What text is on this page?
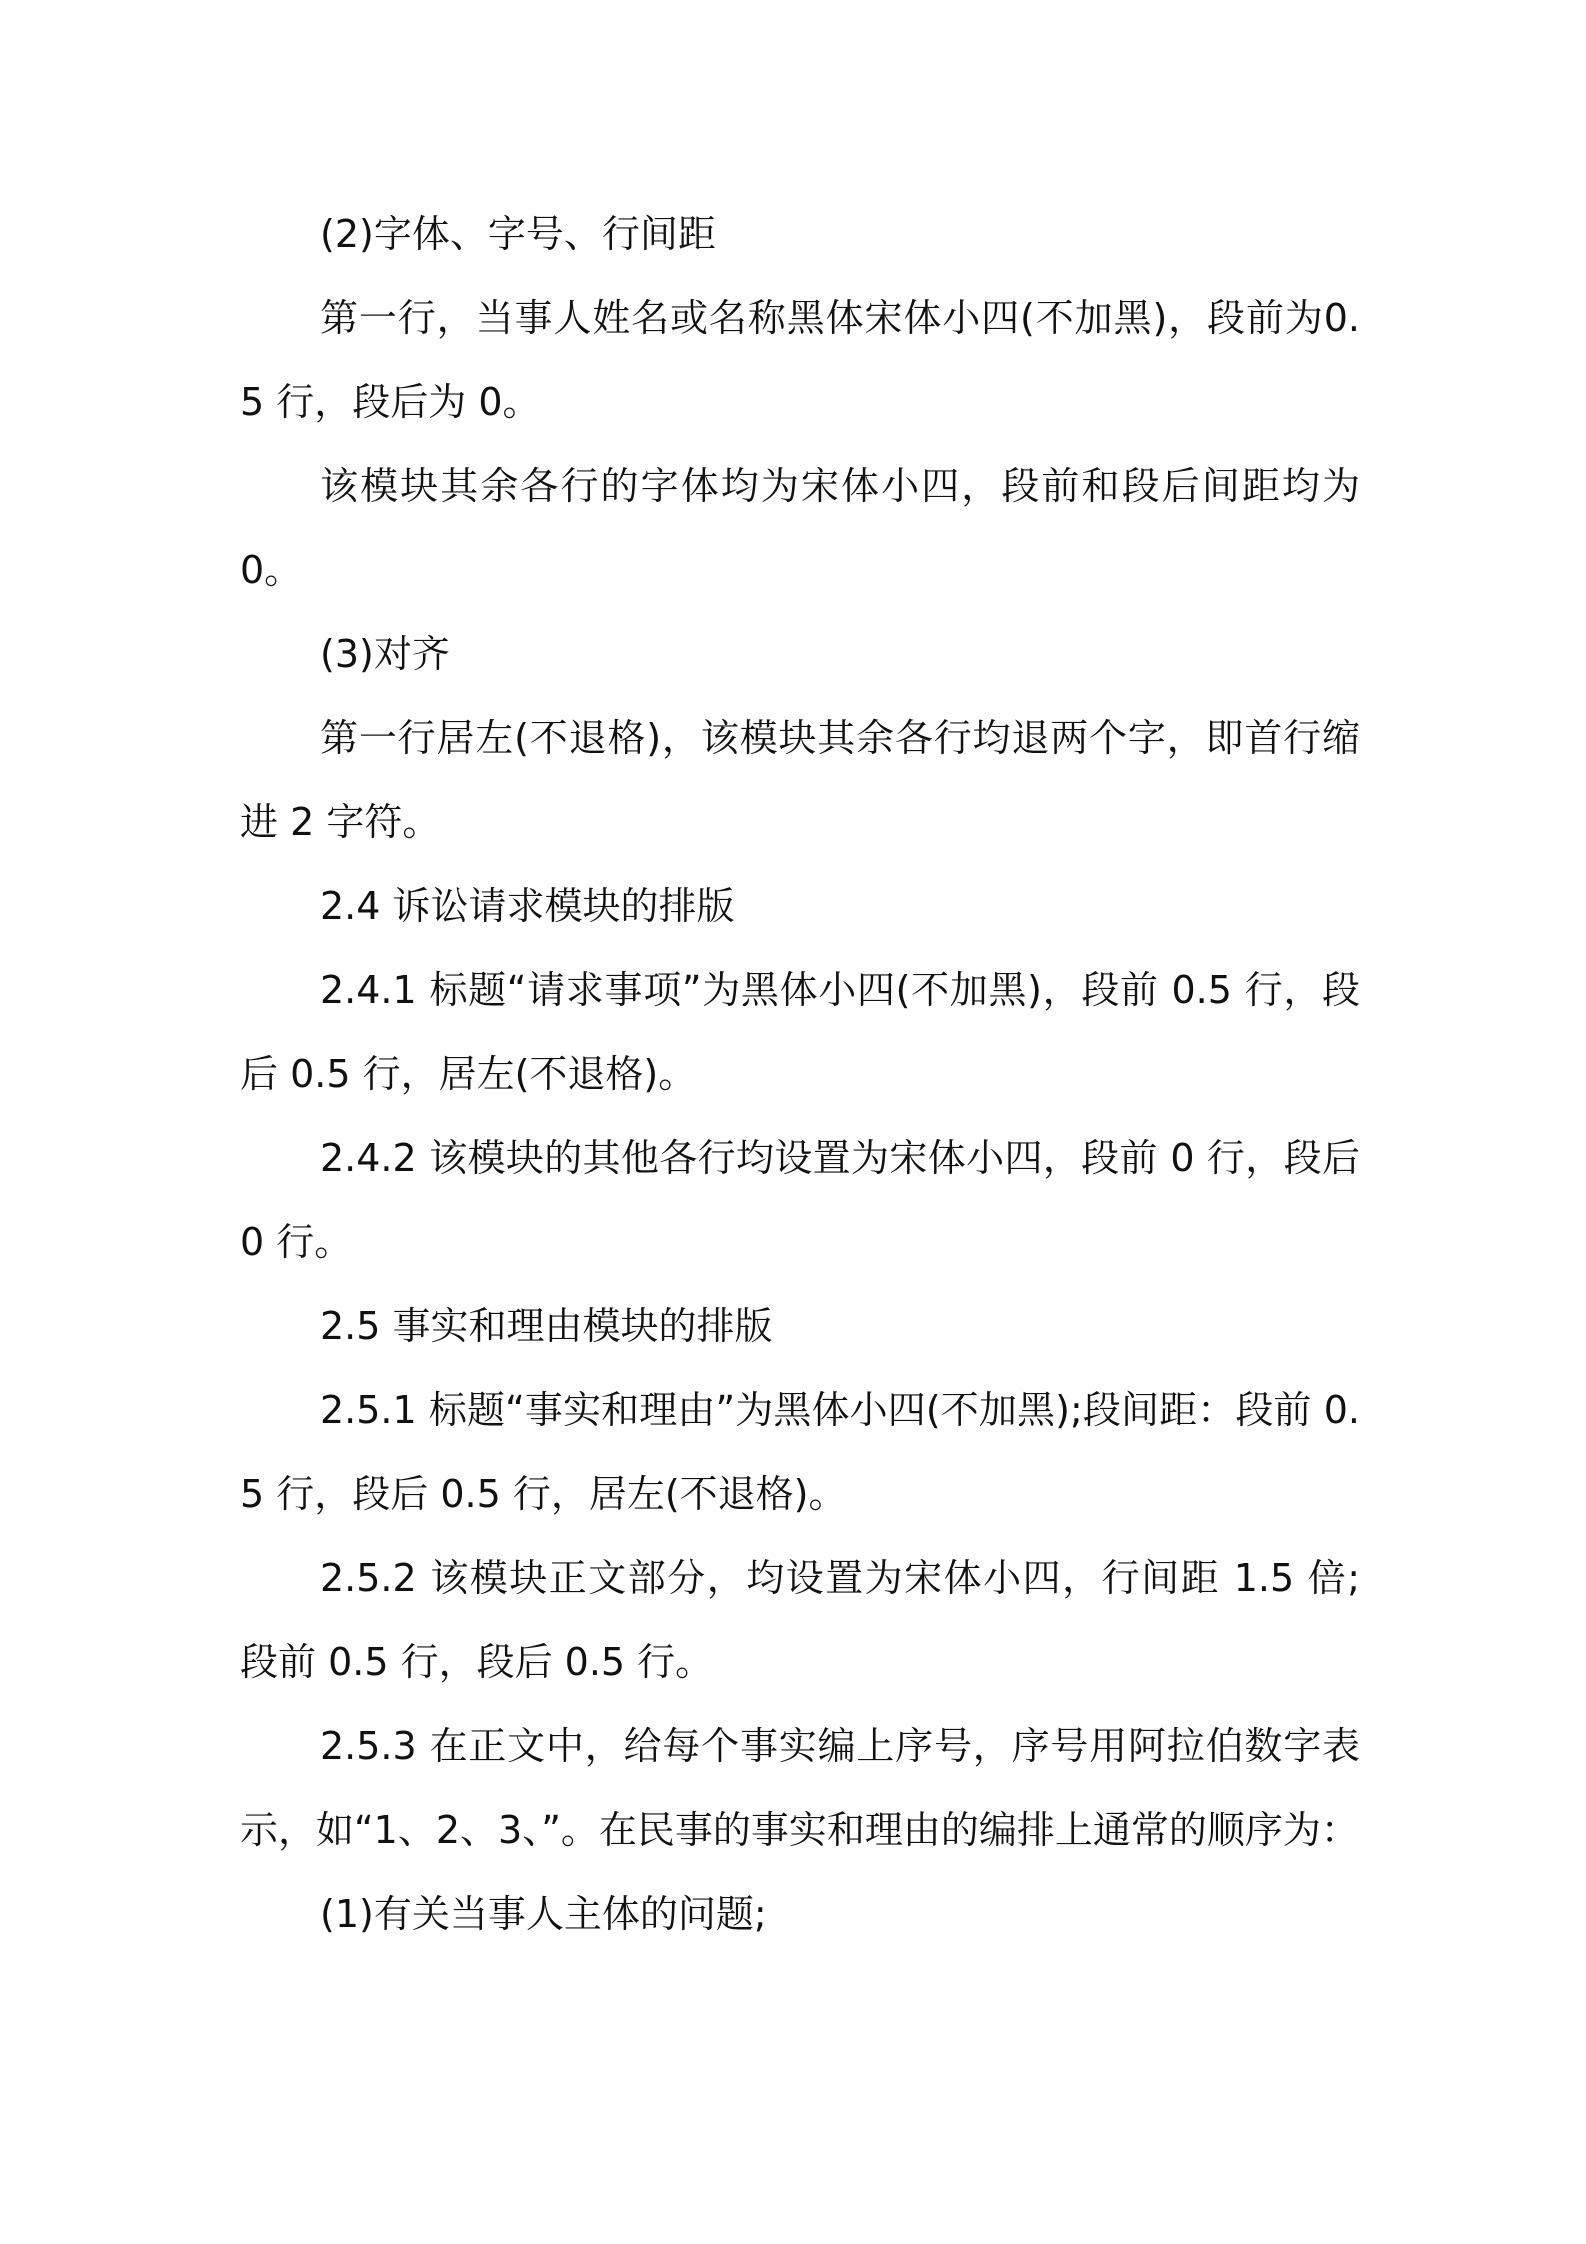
(2)字体、字号、行间距

第一行，当事人姓名或名称黑体宋体小四(不加黑)，段前为0.5 行，段后为 0。

该模块其余各行的字体均为宋体小四，段前和段后间距均为0。

(3)对齐

第一行居左(不退格)，该模块其余各行均退两个字，即首行缩进 2 字符。

2.4 诉讼请求模块的排版

2.4.1 标题“请求事项”为黑体小四(不加黑)，段前 0.5 行，段后 0.5 行，居左(不退格)。

2.4.2 该模块的其他各行均设置为宋体小四，段前 0 行，段后 0 行。

2.5 事实和理由模块的排版

2.5.1 标题“事实和理由”为黑体小四(不加黑);段间距：段前 0.5 行，段后 0.5 行，居左(不退格)。

2.5.2 该模块正文部分，均设置为宋体小四，行间距 1.5 倍;段前 0.5 行，段后 0.5 行。

2.5.3 在正文中，给每个事实编上序号，序号用阿拉伯数字表示，如“1、2、3、”。在民事的事实和理由的编排上通常的顺序为：

(1)有关当事人主体的问题;
